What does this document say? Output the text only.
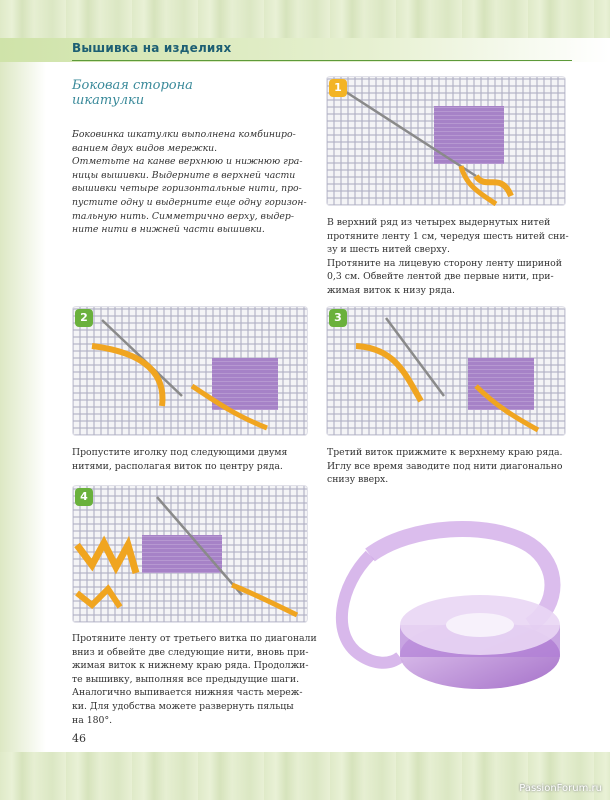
Вышивка на изделиях
Боковая сторона
шкатулки
Боковинка шкатулки выполнена комбиниро-
ванием двух видов мережки.
Отметьте на канве верхнюю и нижнюю гра-
ницы вышивки. Выдерните в верхней части
вышивки четыре горизонтальные нити, про-
пустите одну и выдерните еще одну горизон-
тальную нить. Симметрично верху, выдер-
ните нити в нижней части вышивки.
1
В верхний ряд из четырех выдернутых нитей
протяните ленту 1 см, чередуя шесть нитей сни-
зу и шесть нитей сверху.
Протяните на лицевую сторону ленту шириной
0,3 см. Обвейте лентой две первые нити, при-
жимая виток к низу ряда.
2
Пропустите иголку под следующими двумя
нитями, располагая виток по центру ряда.
3
Третий виток прижмите к верхнему краю ряда.
Иглу все время заводите под нити диагонально
снизу вверх.
4
Протяните ленту от третьего витка по диагонали
вниз и обвейте две следующие нити, вновь при-
жимая виток к нижнему краю ряда. Продолжи-
те вышивку, выполняя все предыдущие шаги.
Аналогично выпивается нижняя часть мереж-
ки. Для удобства можете развернуть пяльцы
на 180°.
46
PassionForum.ru
